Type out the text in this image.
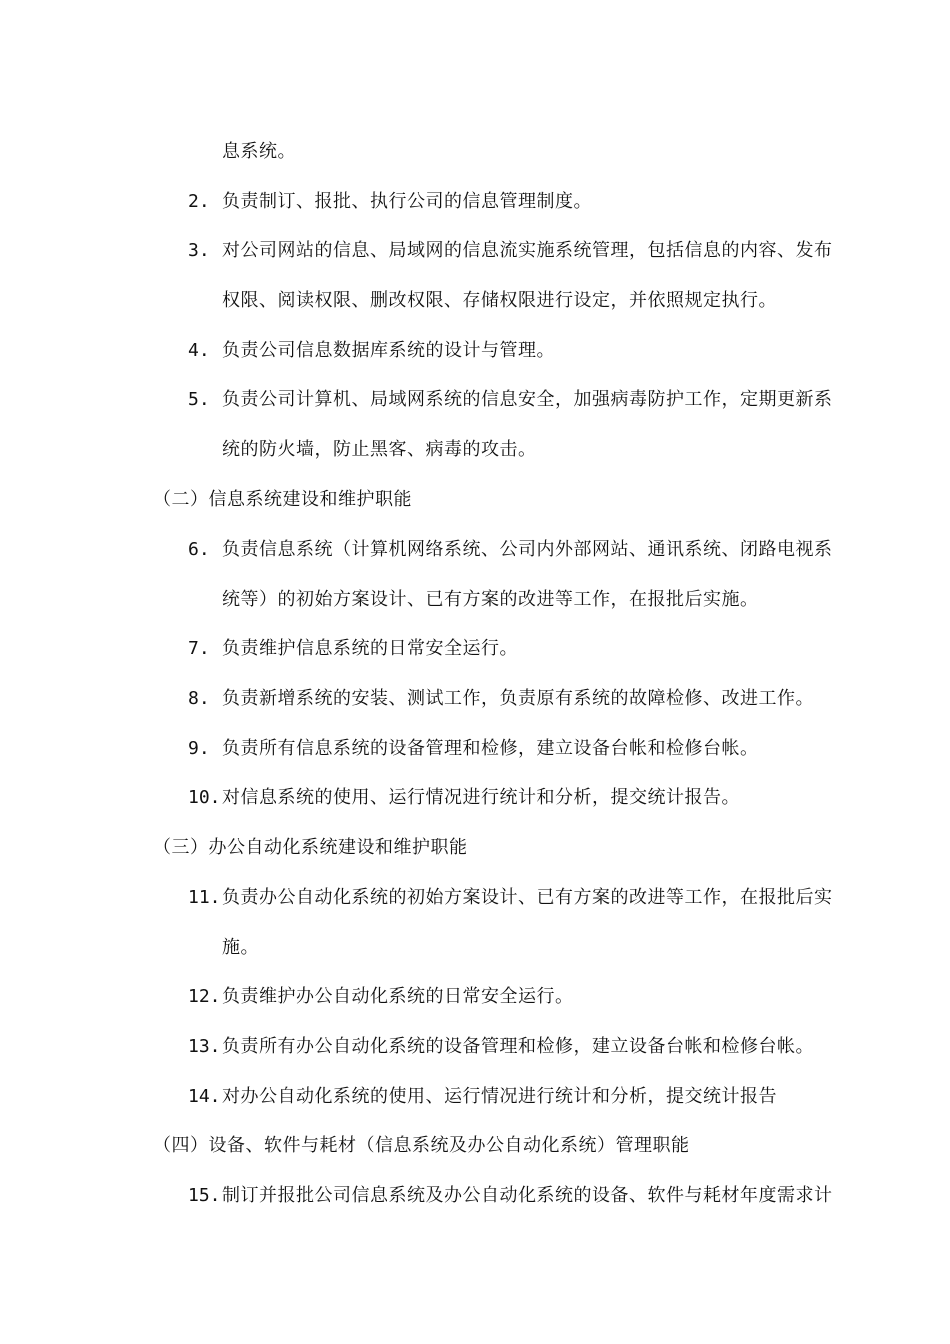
息系统。
2. 负责制订、报批、执行公司的信息管理制度。
3. 对公司网站的信息、局域网的信息流实施系统管理，包括信息的内容、发布
权限、阅读权限、删改权限、存储权限进行设定，并依照规定执行。
4. 负责公司信息数据库系统的设计与管理。
5. 负责公司计算机、局域网系统的信息安全，加强病毒防护工作，定期更新系
统的防火墙，防止黑客、病毒的攻击。
（二）信息系统建设和维护职能
6. 负责信息系统（计算机网络系统、公司内外部网站、通讯系统、闭路电视系
统等）的初始方案设计、已有方案的改进等工作，在报批后实施。
7. 负责维护信息系统的日常安全运行。
8. 负责新增系统的安装、测试工作，负责原有系统的故障检修、改进工作。
9. 负责所有信息系统的设备管理和检修，建立设备台帐和检修台帐。
10. 对信息系统的使用、运行情况进行统计和分析，提交统计报告。
（三）办公自动化系统建设和维护职能
11. 负责办公自动化系统的初始方案设计、已有方案的改进等工作，在报批后实
施。
12. 负责维护办公自动化系统的日常安全运行。
13. 负责所有办公自动化系统的设备管理和检修，建立设备台帐和检修台帐。
14. 对办公自动化系统的使用、运行情况进行统计和分析，提交统计报告
（四）设备、软件与耗材（信息系统及办公自动化系统）管理职能
15. 制订并报批公司信息系统及办公自动化系统的设备、软件与耗材年度需求计
